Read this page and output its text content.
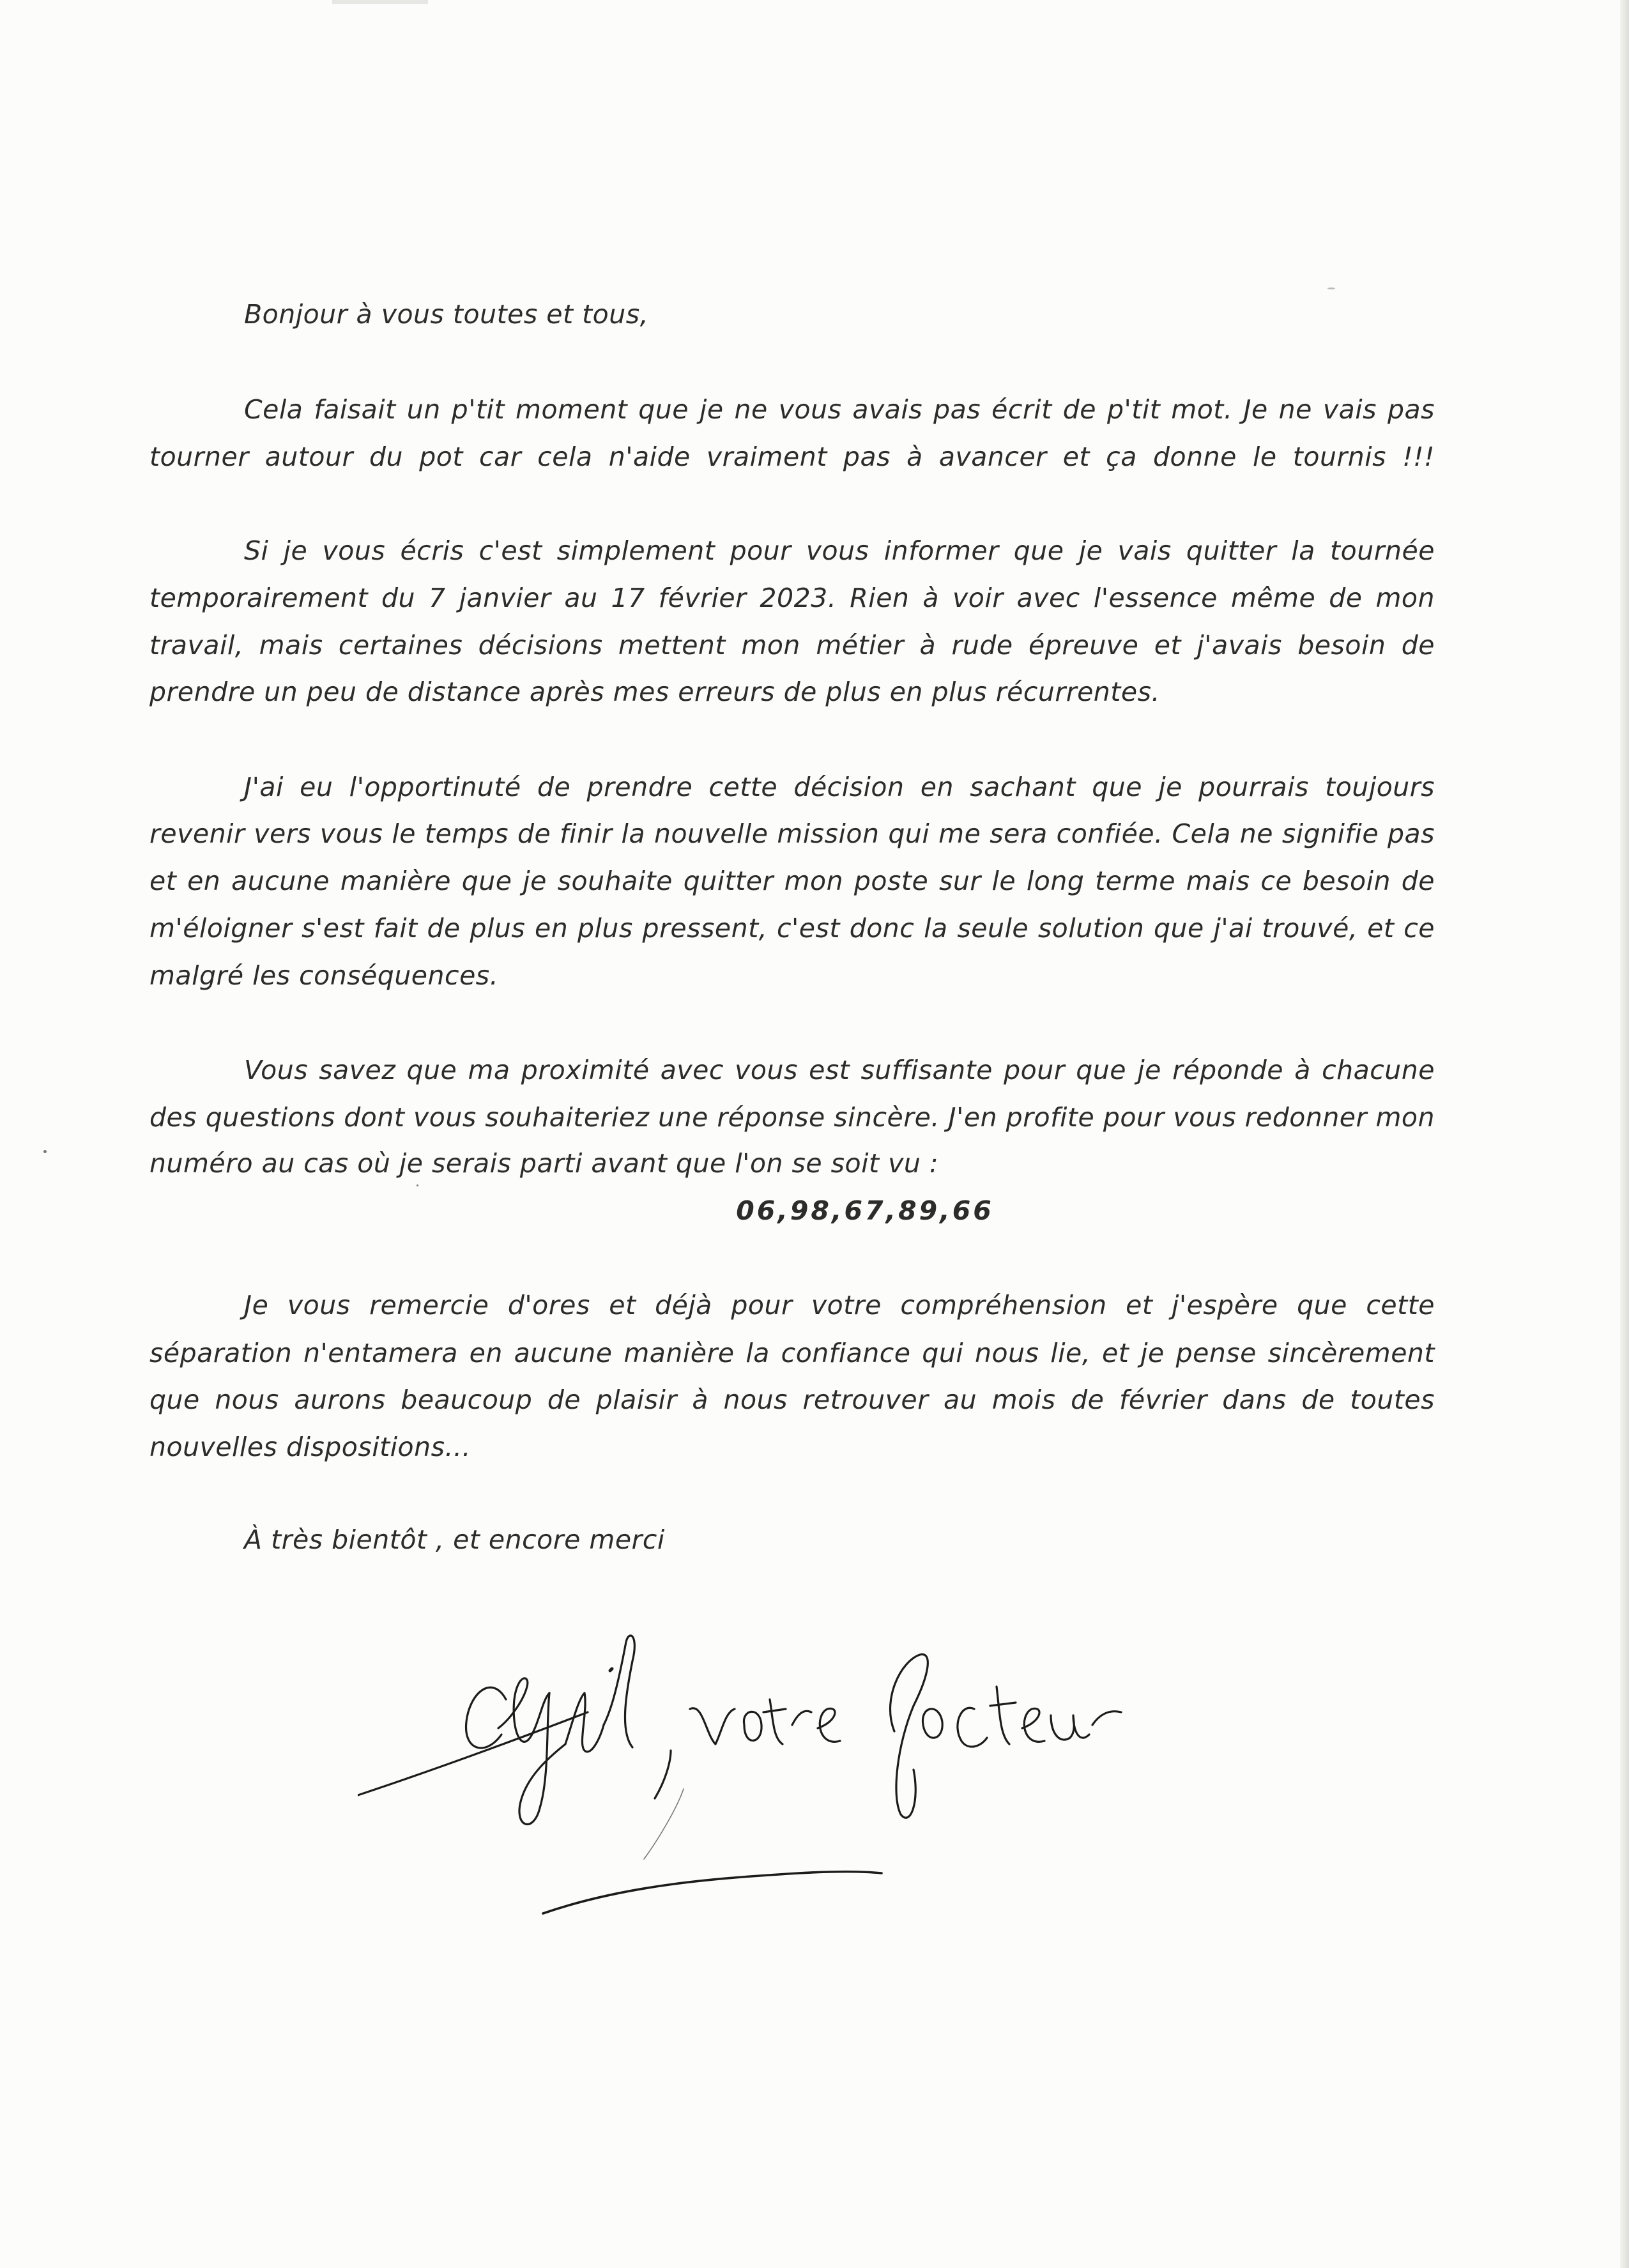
Bonjour à vous toutes et tous,
Cela faisait un p'tit moment que je ne vous avais pas écrit de p'tit mot. Je ne vais pas
tourner autour du pot car cela n'aide vraiment pas à avancer et ça donne le tournis !!!
Si je vous écris c'est simplement pour vous informer que je vais quitter la tournée
temporairement du 7 janvier au 17 février 2023. Rien à voir avec l'essence même de mon
travail, mais certaines décisions mettent mon métier à rude épreuve et j'avais besoin de
prendre un peu de distance après mes erreurs de plus en plus récurrentes.
J'ai eu l'opportinuté de prendre cette décision en sachant que je pourrais toujours
revenir vers vous le temps de finir la nouvelle mission qui me sera confiée. Cela ne signifie pas
et en aucune manière que je souhaite quitter mon poste sur le long terme mais ce besoin de
m'éloigner s'est fait de plus en plus pressent, c'est donc la seule solution que j'ai trouvé, et ce
malgré les conséquences.
Vous savez que ma proximité avec vous est suffisante pour que je réponde à chacune
des questions dont vous souhaiteriez une réponse sincère. J'en profite pour vous redonner mon
numéro au cas où je serais parti avant que l'on se soit vu :
06,98,67,89,66
Je vous remercie d'ores et déjà pour votre compréhension et j'espère que cette
séparation n'entamera en aucune manière la confiance qui nous lie, et je pense sincèrement
que nous aurons beaucoup de plaisir à nous retrouver au mois de février dans de toutes
nouvelles dispositions...
À très bientôt , et encore merci
